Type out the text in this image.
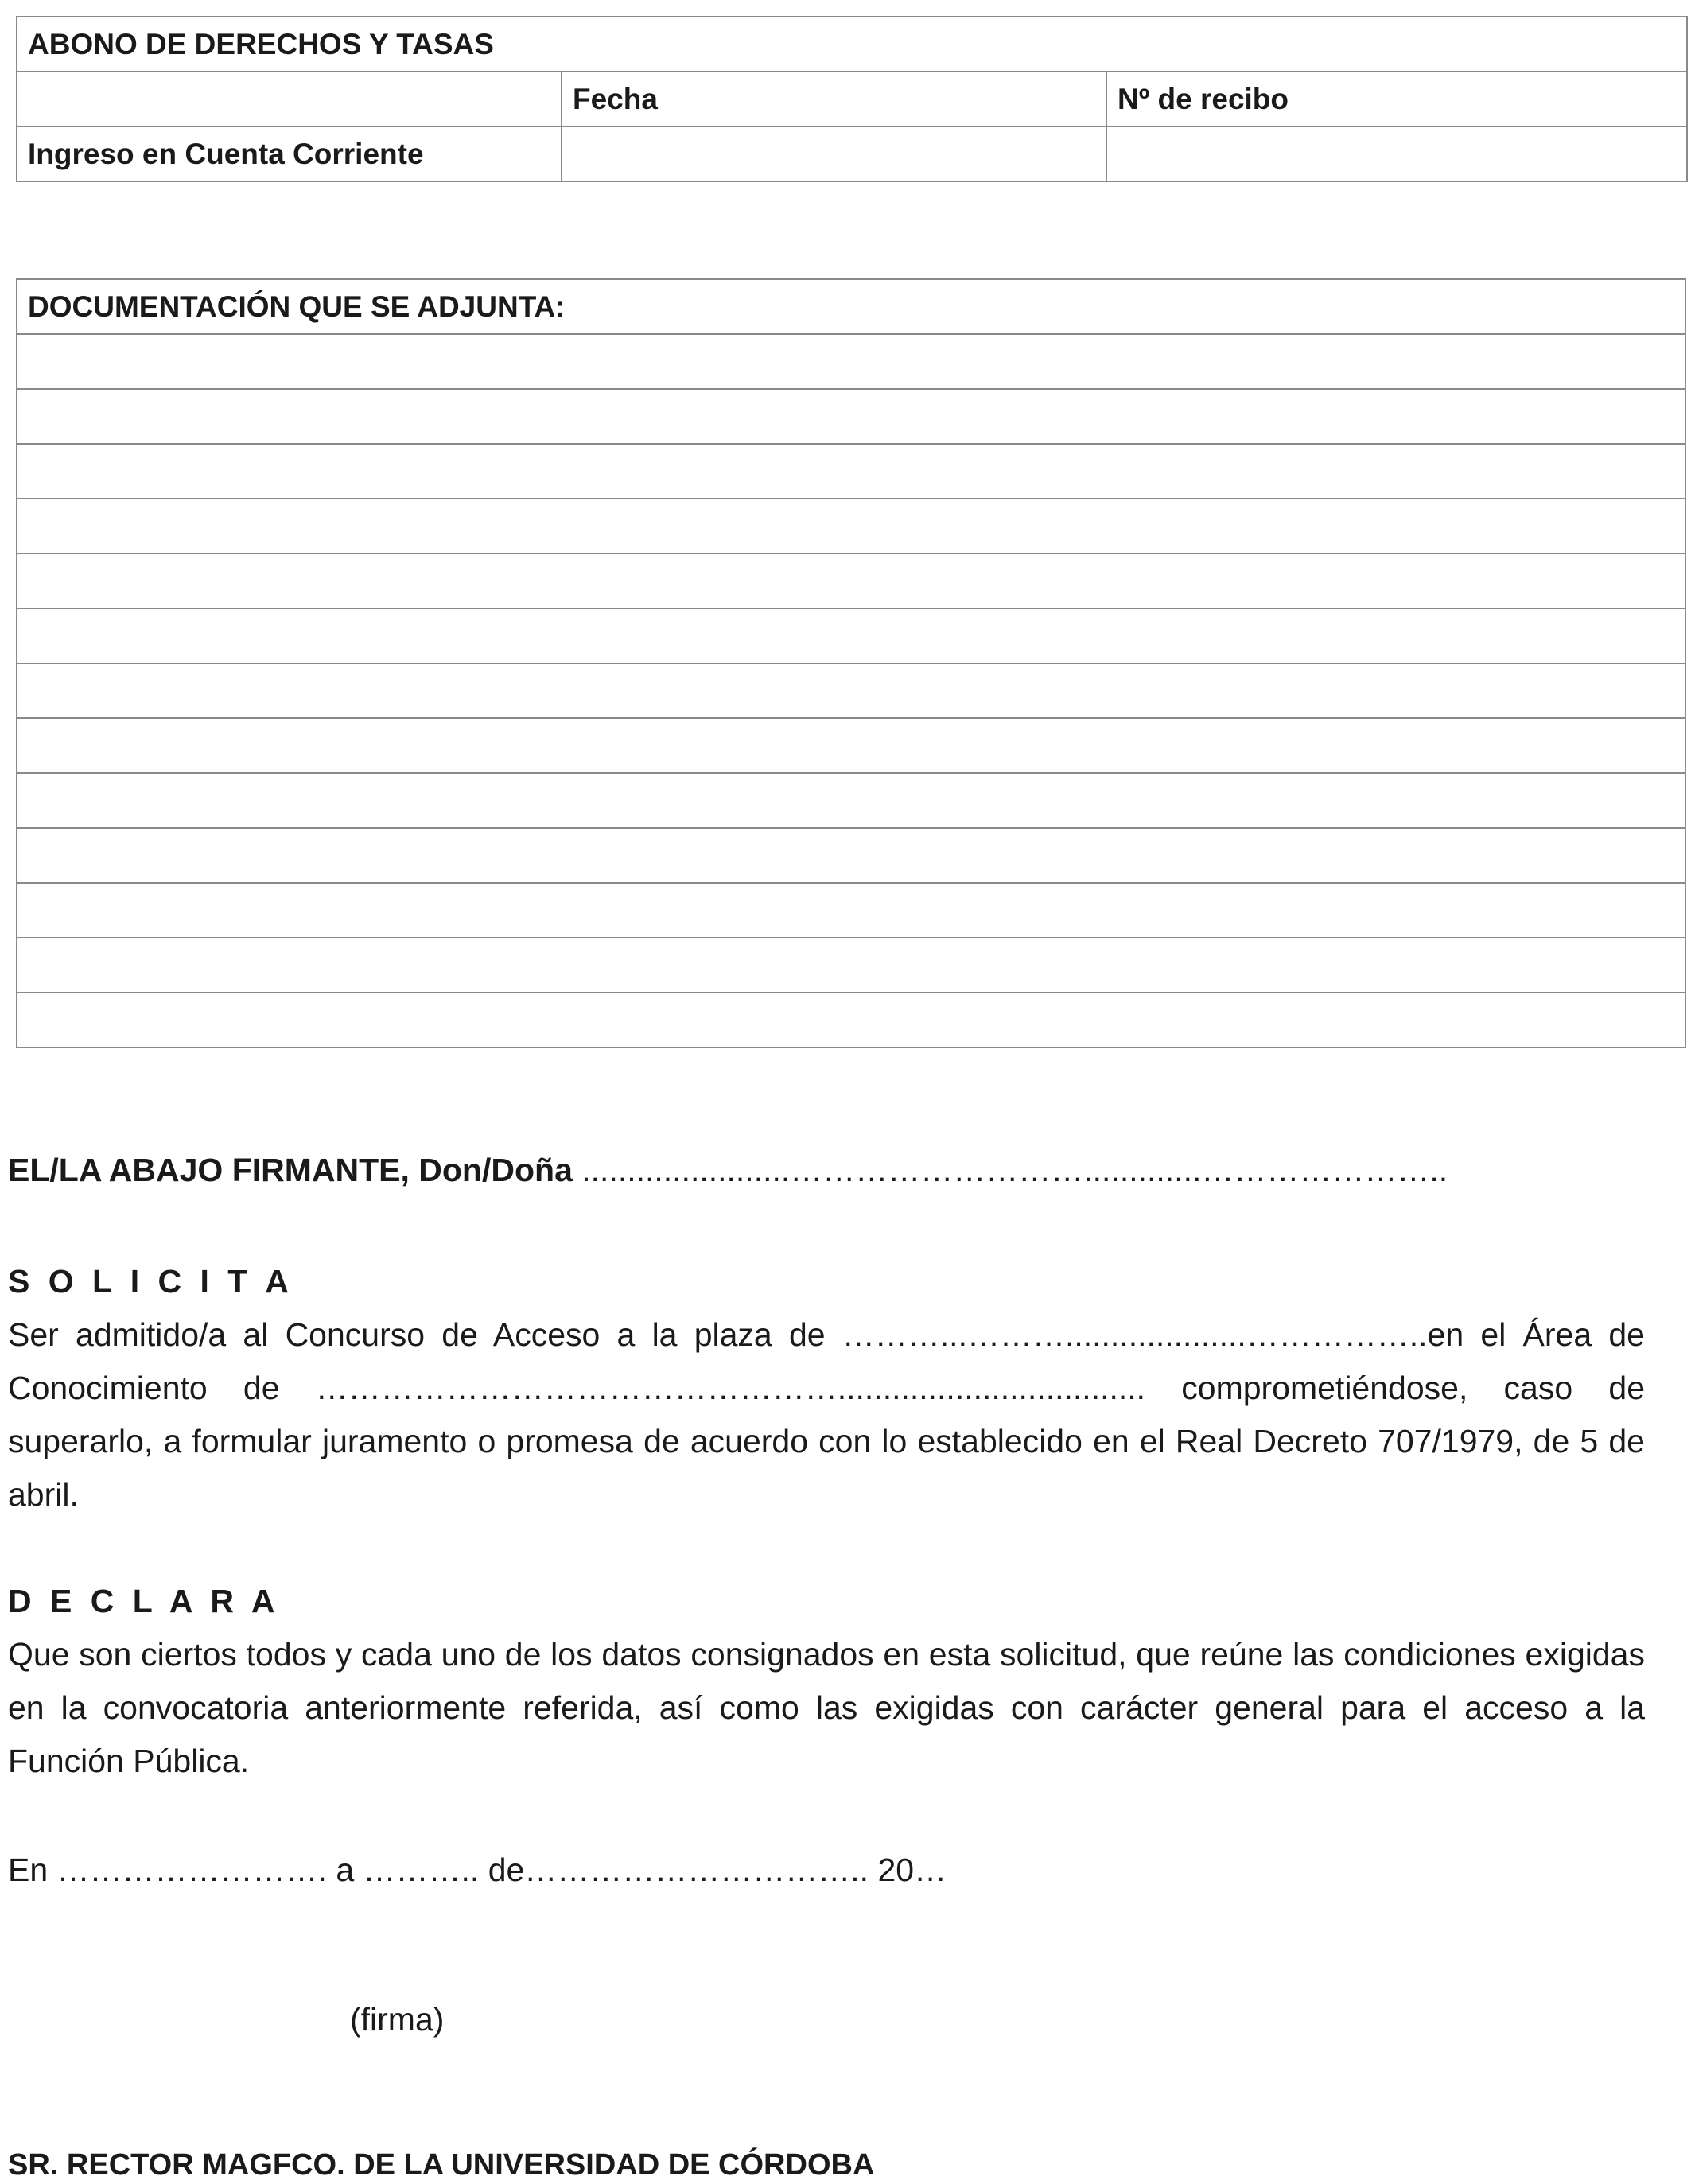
ABONO DE DERECHOS Y TASAS		
	Fecha	Nº de recibo
Ingreso en Cuenta Corriente		
DOCUMENTACIÓN QUE SE ADJUNTA:

EL/LA ABAJO FIRMANTE, Don/Doña .......................……………………….............…………………..
S O L I C I T A
Ser admitido/a al Concurso de Acceso a la plaza de ………...………....................……………..en el Área de Conocimiento de ………………………………………….................................. comprometiéndose, caso de superarlo, a formular juramento o promesa de acuerdo con lo establecido en el Real Decreto 707/1979, de 5 de abril.
D E C L A R A
Que son ciertos todos y cada uno de los datos consignados en esta solicitud, que reúne las condiciones exigidas en la convocatoria anteriormente referida, así como las exigidas con carácter general para el acceso a la Función Pública.
En ……………………. a ……….. de………………………….. 20…
(firma)
SR. RECTOR MAGFCO. DE LA UNIVERSIDAD DE CÓRDOBA
